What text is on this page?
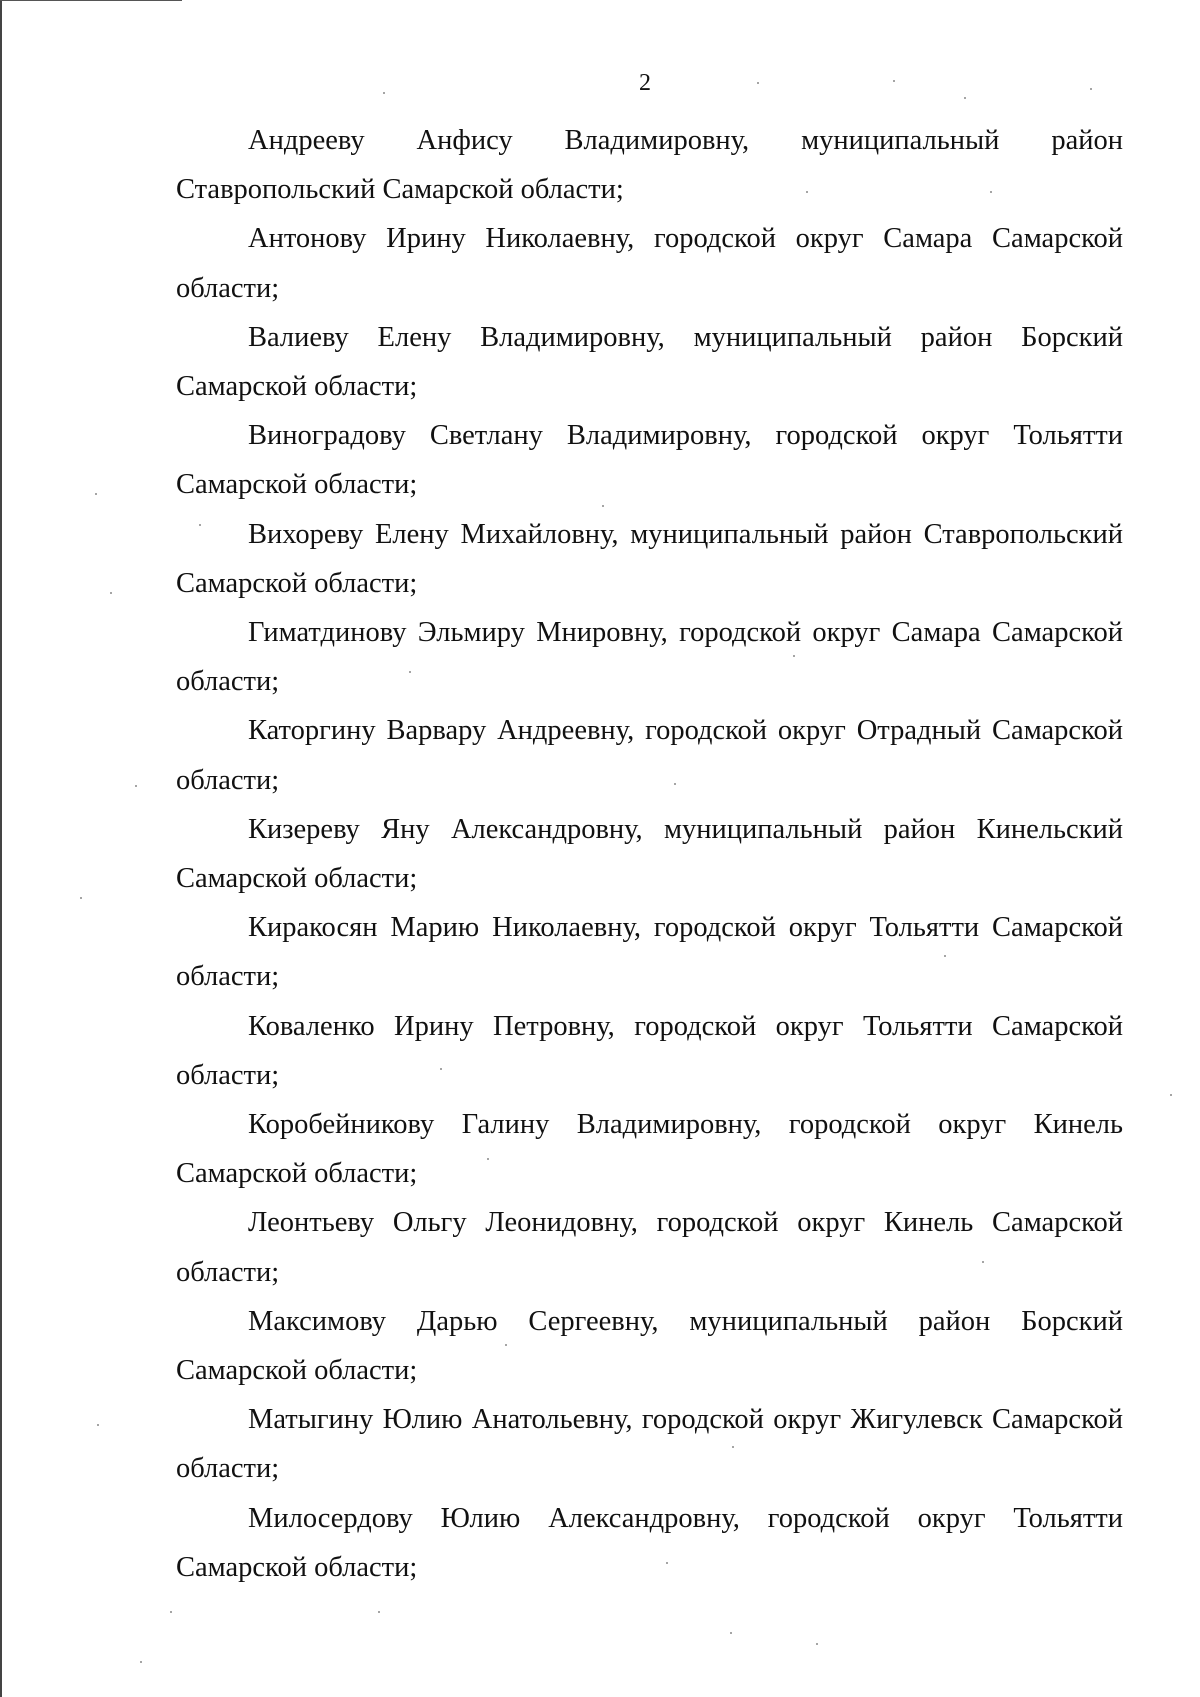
2

Андрееву Анфису Владимировну, муниципальный район Ставропольский Самарской области;

Антонову Ирину Николаевну, городской округ Самара Самарской области;

Валиеву Елену Владимировну, муниципальный район Борский Самарской области;

Виноградову Светлану Владимировну, городской округ Тольятти Самарской области;

Вихореву Елену Михайловну, муниципальный район Ставропольский Самарской области;

Гиматдинову Эльмиру Мнировну, городской округ Самара Самарской области;

Каторгину Варвару Андреевну, городской округ Отрадный Самарской области;

Кизереву Яну Александровну, муниципальный район Кинельский Самарской области;

Киракосян Марию Николаевну, городской округ Тольятти Самарской области;

Коваленко Ирину Петровну, городской округ Тольятти Самарской области;

Коробейникову Галину Владимировну, городской округ Кинель Самарской области;

Леонтьеву Ольгу Леонидовну, городской округ Кинель Самарской области;

Максимову Дарью Сергеевну, муниципальный район Борский Самарской области;

Матыгину Юлию Анатольевну, городской округ Жигулевск Самарской области;

Милосердову Юлию Александровну, городской округ Тольятти Самарской области;
